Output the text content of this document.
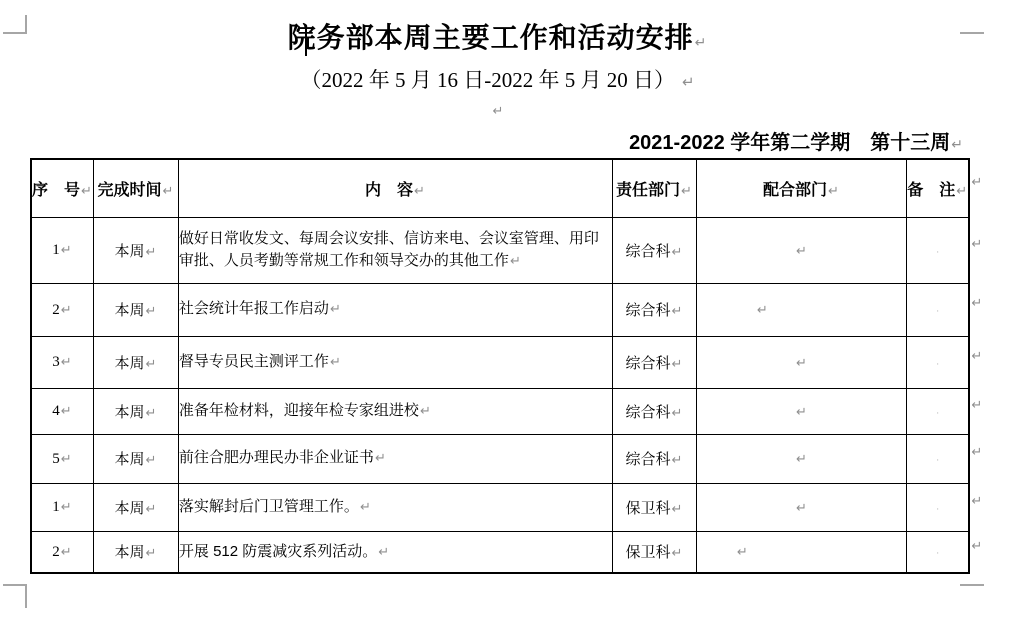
院务部本周主要工作和活动安排↵
（2022 年 5 月 16 日-2022 年 5 月 20 日） ↵
↵
2021-2022 学年第二学期　第十三周↵
序　号↵	完成时间↵	内　容↵	责任部门↵	配合部门↵	备　注↵	↵
1↵	本周↵	做好日常收发文、每周会议安排、信访来电、会议室管理、用印审批、人员考勤等常规工作和领导交办的其他工作↵	综合科↵	↵	·	↵
2↵	本周↵	社会统计年报工作启动↵	综合科↵	↵	·	↵
3↵	本周↵	督导专员民主测评工作↵	综合科↵	↵	·	↵
4↵	本周↵	准备年检材料，迎接年检专家组进校↵	综合科↵	↵	·	↵
5↵	本周↵	前往合肥办理民办非企业证书↵	综合科↵	↵	·	↵
1↵	本周↵	落实解封后门卫管理工作。↵	保卫科↵	↵	·	↵
2↵	本周↵	开展 512 防震减灾系列活动。↵	保卫科↵	↵	·	↵
